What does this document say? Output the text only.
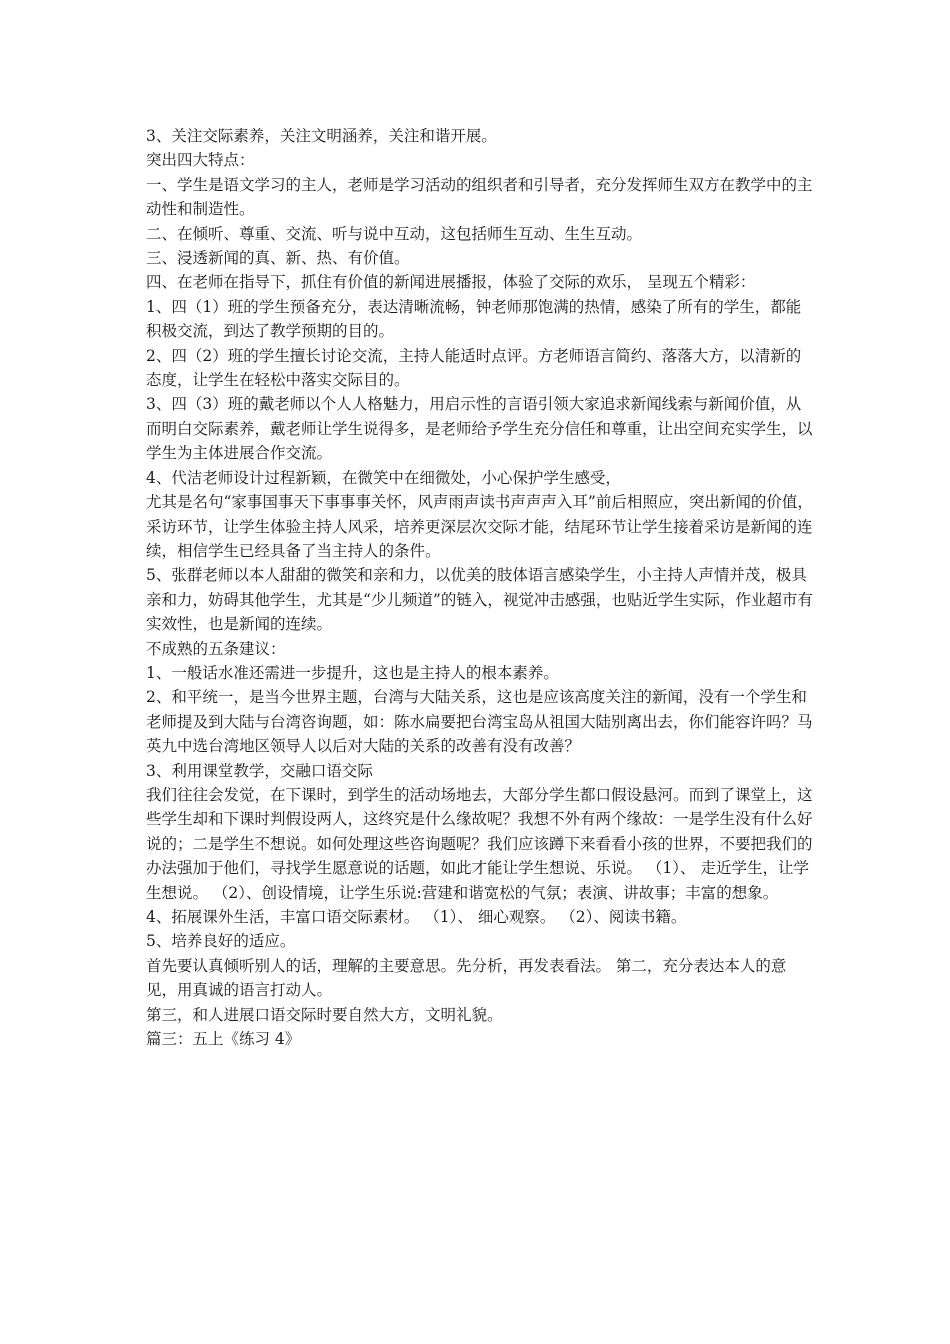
3、关注交际素养，关注文明涵养，关注和谐开展。

突出四大特点：

一、学生是语文学习的主人，老师是学习活动的组织者和引导者，充分发挥师生双方在教学中的主动性和制造性。

二、在倾听、尊重、交流、听与说中互动，这包括师生互动、生生互动。

三、浸透新闻的真、新、热、有价值。

四、在老师在指导下，抓住有价值的新闻进展播报，体验了交际的欢乐， 呈现五个精彩：

1、四（1）班的学生预备充分，表达清晰流畅，钟老师那饱满的热情，感染了所有的学生，都能积极交流，到达了教学预期的目的。

2、四（2）班的学生擅长讨论交流，主持人能适时点评。方老师语言简约、落落大方，以清新的态度，让学生在轻松中落实交际目的。

3、四（3）班的戴老师以个人人格魅力，用启示性的言语引领大家追求新闻线索与新闻价值，从而明白交际素养，戴老师让学生说得多，是老师给予学生充分信任和尊重，让出空间充实学生，以学生为主体进展合作交流。

4、代洁老师设计过程新颖，在微笑中在细微处，小心保护学生感受，

尤其是名句“家事国事天下事事事关怀，风声雨声读书声声声入耳”前后相照应，突出新闻的价值，采访环节，让学生体验主持人风采，培养更深层次交际才能，结尾环节让学生接着采访是新闻的连续，相信学生已经具备了当主持人的条件。

5、张群老师以本人甜甜的微笑和亲和力，以优美的肢体语言感染学生，小主持人声情并茂，极具亲和力，妨碍其他学生，尤其是“少儿频道”的链入，视觉冲击感强，也贴近学生实际，作业超市有实效性，也是新闻的连续。

不成熟的五条建议：

1、一般话水准还需进一步提升，这也是主持人的根本素养。

2、和平统一，是当今世界主题，台湾与大陆关系，这也是应该高度关注的新闻，没有一个学生和老师提及到大陆与台湾咨询题，如：陈水扁要把台湾宝岛从祖国大陆别离出去，你们能容许吗？马英九中选台湾地区领导人以后对大陆的关系的改善有没有改善？

3、利用课堂教学，交融口语交际

我们往往会发觉，在下课时，到学生的活动场地去，大部分学生都口假设悬河。而到了课堂上，这些学生却和下课时判假设两人，这终究是什么缘故呢？我想不外有两个缘故：一是学生没有什么好说的；二是学生不想说。如何处理这些咨询题呢？我们应该蹲下来看看小孩的世界，不要把我们的办法强加于他们，寻找学生愿意说的话题，如此才能让学生想说、乐说。 （1）、 走近学生，让学生想说。 （2）、创设情境，让学生乐说:营建和谐宽松的气氛；表演、讲故事；丰富的想象。

4、拓展课外生活，丰富口语交际素材。 （1）、 细心观察。 （2）、阅读书籍。

5、培养良好的适应。

首先要认真倾听别人的话，理解的主要意思。先分析，再发表看法。 第二，充分表达本人的意见，用真诚的语言打动人。

第三，和人进展口语交际时要自然大方，文明礼貌。

篇三：五上《练习 4》
